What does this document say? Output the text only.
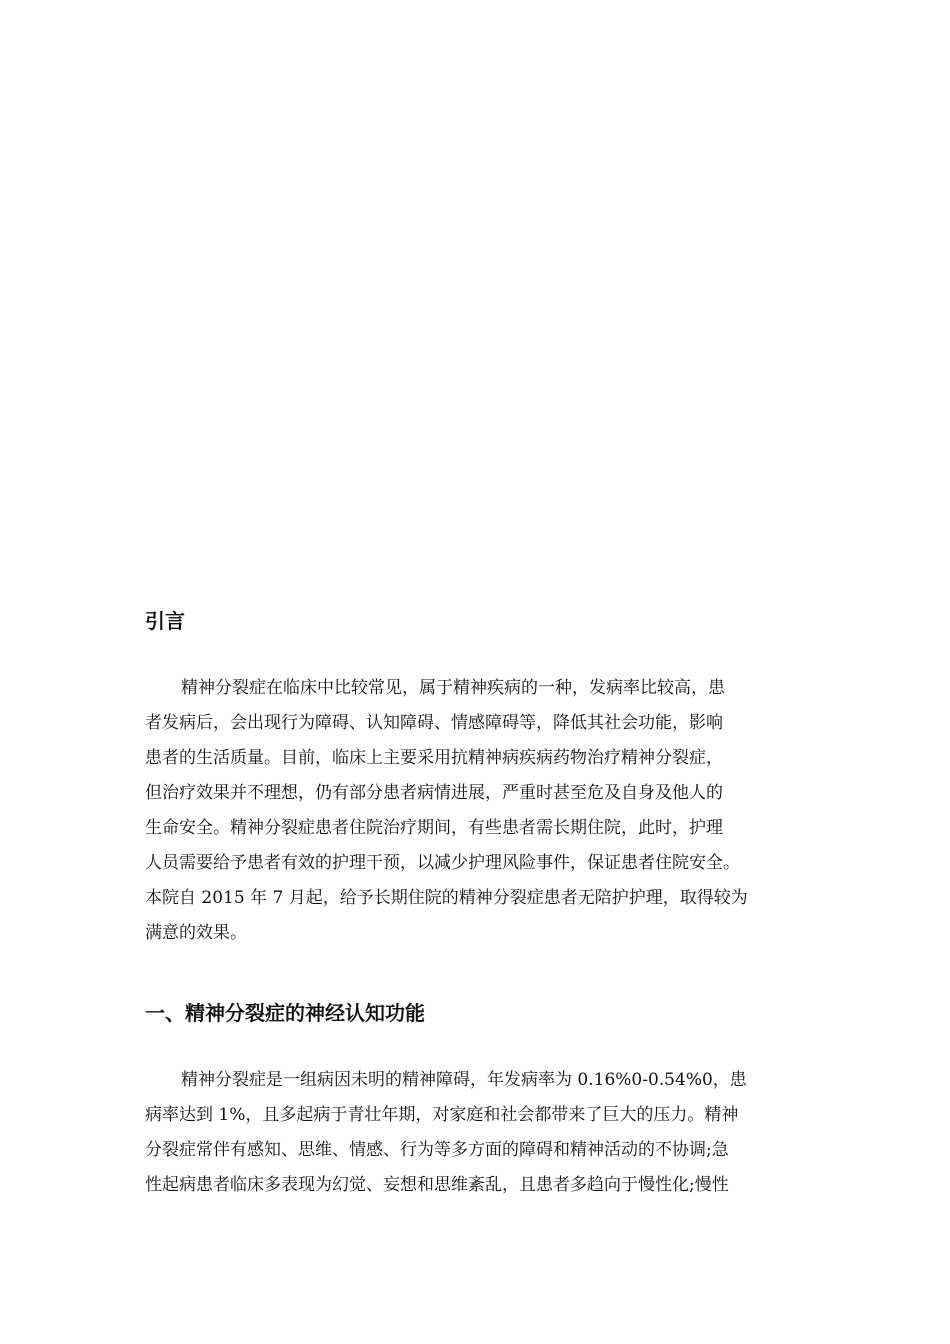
引言

精神分裂症在临床中比较常见，属于精神疾病的一种，发病率比较高，患

者发病后，会出现行为障碍、认知障碍、情感障碍等，降低其社会功能，影响

患者的生活质量。目前，临床上主要采用抗精神病疾病药物治疗精神分裂症，

但治疗效果并不理想，仍有部分患者病情进展，严重时甚至危及自身及他人的

生命安全。精神分裂症患者住院治疗期间，有些患者需长期住院，此时，护理

人员需要给予患者有效的护理干预，以减少护理风险事件，保证患者住院安全。

本院自 2015 年 7 月起，给予长期住院的精神分裂症患者无陪护护理，取得较为

满意的效果。

一、精神分裂症的神经认知功能

精神分裂症是一组病因未明的精神障碍，年发病率为 0.16%0-0.54%0，患

病率达到 1%，且多起病于青壮年期，对家庭和社会都带来了巨大的压力。精神

分裂症常伴有感知、思维、情感、行为等多方面的障碍和精神活动的不协调;急

性起病患者临床多表现为幻觉、妄想和思维紊乱，且患者多趋向于慢性化;慢性
